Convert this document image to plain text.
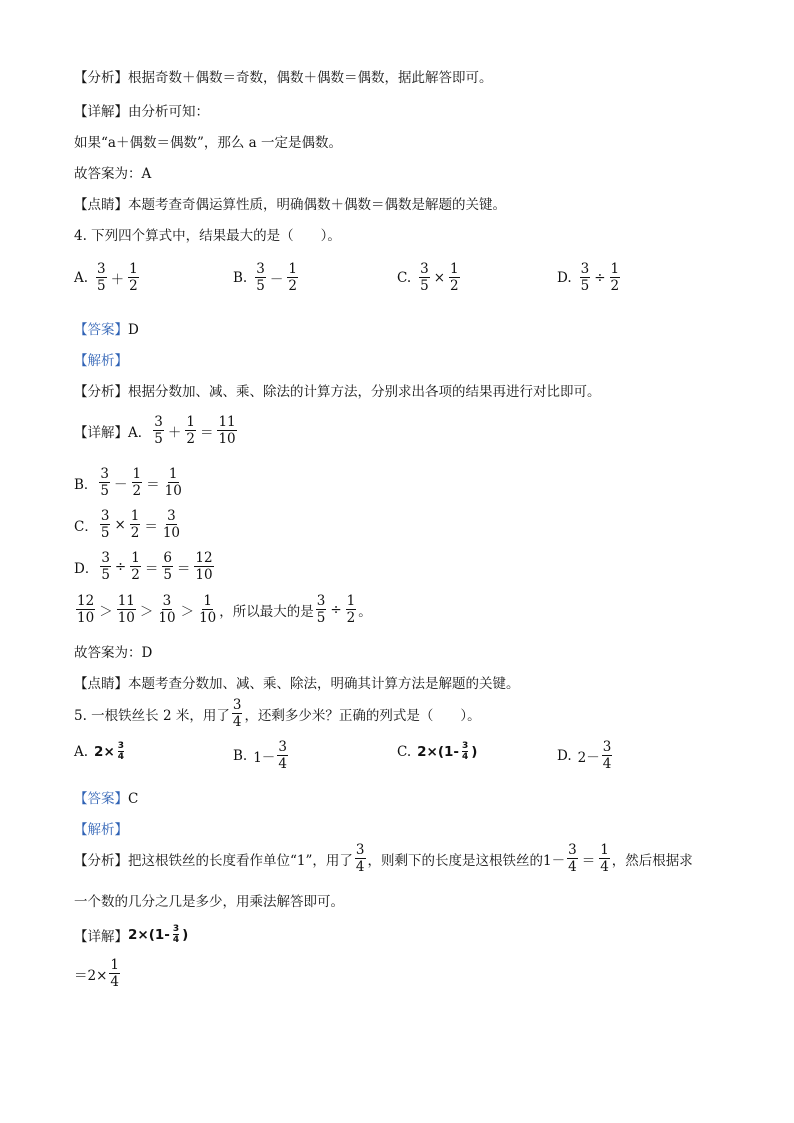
【分析】根据奇数＋偶数＝奇数，偶数＋偶数＝偶数，据此解答即可。
【详解】由分析可知：
如果“a＋偶数＝偶数”，那么 a 一定是偶数。
故答案为：A
【点睛】本题考查奇偶运算性质，明确偶数＋偶数＝偶数是解题的关键。
4. 下列四个算式中，结果最大的是（　　）。
A. $\frac{3}{5} + \frac{1}{2}$	B. $\frac{3}{5} - \frac{1}{2}$	C. $\frac{3}{5} \times \frac{1}{2}$	D. $\frac{3}{5} \div \frac{1}{2}$
【答案】D
【解析】
【分析】根据分数加、减、乘、除法的计算方法，分别求出各项的结果再进行对比即可。
【详解】 A． $\frac{3}{5} + \frac{1}{2} = \frac{11}{10}$
B． $\frac{3}{5} - \frac{1}{2} = \frac{1}{10}$
C． $\frac{3}{5} \times \frac{1}{2} = \frac{3}{10}$
D． $\frac{3}{5} \div \frac{1}{2} = \frac{6}{5} = \frac{12}{10}$
$\frac{12}{10} > \frac{11}{10} > \frac{3}{10} > \frac{1}{10}$ ，所以最大的是 $\frac{3}{5} \div \frac{1}{2}$ 。
故答案为：D
【点睛】本题考查分数加、减、乘、除法，明确其计算方法是解题的关键。
5. 一根铁丝长 2 米，用了 $\frac{3}{4}$ ，还剩多少米？正确的列式是（　　）。
A. $2\times \frac{3}{4}$	B. $1- \frac{3}{4}$	C. $2\times(1- \frac{3}{4}$ )	D. $2- \frac{3}{4}$
【答案】C
【解析】
【分析】 把这根铁丝的长度看作单位“1”，用了 $\frac{3}{4}$ ，则剩下的长度是这根铁丝的 $1- \frac{3}{4} = \frac{1}{4}$ ，然后根据求
一个数的几分之几是多少，用乘法解答即可。
【详解】 $2\times(1- \frac{3}{4}$ )
$=2\times \frac{1}{4}$
